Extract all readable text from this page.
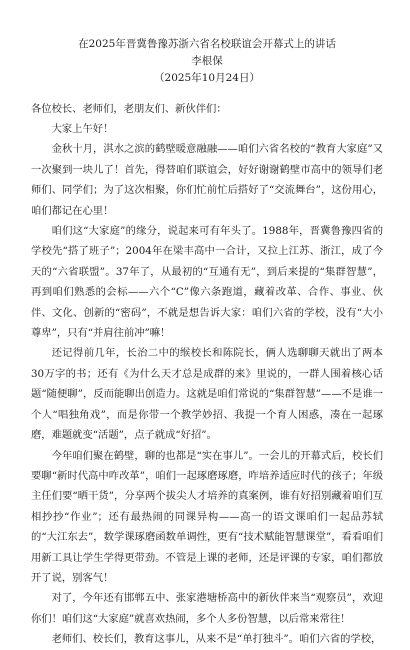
在2025年晋冀鲁豫苏浙六省名校联谊会开幕式上的讲话

李根保

（2025年10月24日）

各位校长、老师们，老朋友们、新伙伴们：

大家上午好！

金秋十月，淇水之滨的鹤壁暖意融融——咱们六省名校的“教育大家庭”又一次聚到一块儿了！首先，得替咱们联谊会，好好谢谢鹤壁市高中的领导们老师们、同学们；为了这次相聚，你们忙前忙后搭好了“交流舞台”，这份用心，咱们都记在心里！

咱们这“大家庭”的缘分，说起来可有年头了。1988年，晋冀鲁豫四省的学校先“搭了班子”；2004年在梁丰高中一合计，又拉上江苏、浙江，成了今天的“六省联盟”。37年了，从最初的“互通有无”，到后来提的“集群智慧”，再到咱们熟悉的会标——六个“C”像六条跑道，藏着改革、合作、事业、伙伴、文化、创新的“密码”，不就是想告诉大家：咱们六省的学校，没有“大小尊卑”，只有“并肩往前冲”嘛！

还记得前几年，长治二中的缑校长和陈院长，俩人选聊聊天就出了两本30万字的书；还有《为什么天才总是成群的来》里说的，一群人围着核心话题“随便聊”，反而能聊出创造力。这就是咱们常说的“集群智慧”——不是谁一个人“唱独角戏”，而是你带一个教学妙招、我提一个育人困惑，凑在一起琢磨，难题就变“活题”，点子就成“好招”。

今年咱们聚在鹤壁，聊的也都是“实在事儿”。一会儿的开幕式后，校长们要聊“新时代高中咋改革”，咱们一起琢磨琢磨，咋培养适应时代的孩子；年级主任们要“晒干货”，分享两个拔尖人才培养的真案例，谁有好招别藏着咱们互相抄抄“作业”；还有最热闹的同课异构——高一的语文课咱们一起品苏轼的“大江东去”，数学课琢磨函数单调性，更有“技术赋能智慧课堂”，看看咱们用新工具让学生学得更带劲。不管是上课的老师，还是评课的专家，咱们都放开了说，别客气！

对了，今年还有邯郸五中、张家港塘桥高中的新伙伴来当“观察员”，欢迎你们！咱们这“大家庭”就喜欢热闹，多个人多份智慧，以后常来常往！

老师们、校长们，教育这事儿，从来不是“单打独斗”。咱们六省的学校，
